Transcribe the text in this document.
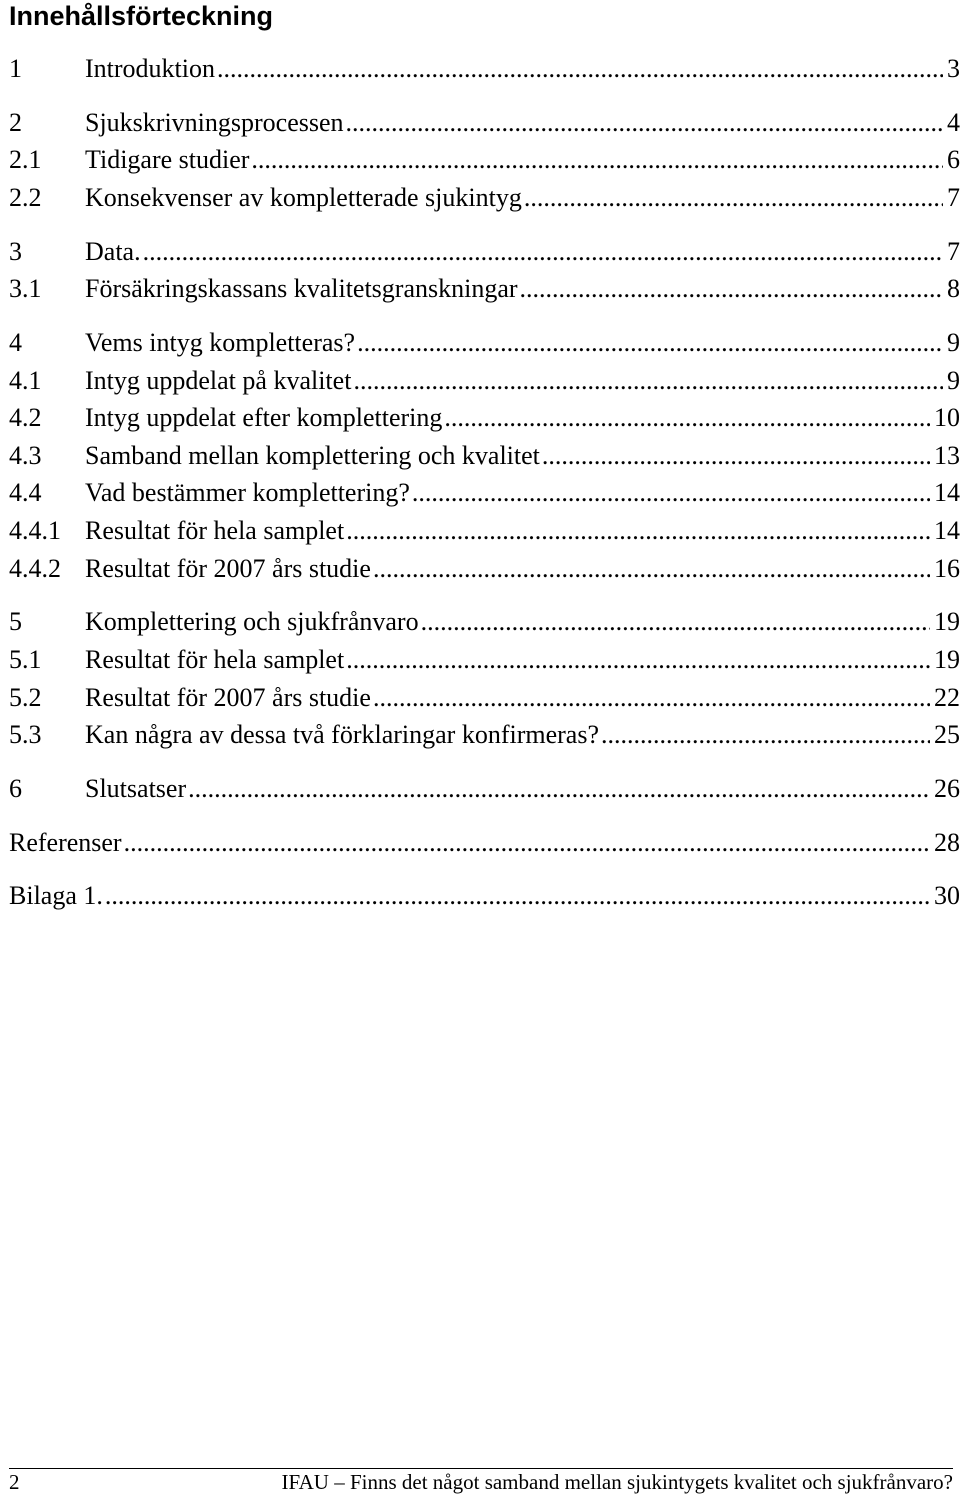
Innehållsförteckning
1	Introduktion .....	3
2	Sjukskrivningsprocessen .....	4
2.1	Tidigare studier .....	6
2.2	Konsekvenser av kompletterade sjukintyg .....	7
3	Data. .....	7
3.1	Försäkringskassans kvalitetsgranskningar .....	8
4	Vems intyg kompletteras? .....	9
4.1	Intyg uppdelat på kvalitet .....	9
4.2	Intyg uppdelat efter komplettering .....	10
4.3	Samband mellan komplettering och kvalitet .....	13
4.4	Vad bestämmer komplettering? .....	14
4.4.1 Resultat för hela samplet .....	14
4.4.2 Resultat för 2007 års studie .....	16
5	Komplettering och sjukfrånvaro .....	19
5.1	Resultat för hela samplet .....	19
5.2	Resultat för 2007 års studie .....	22
5.3	Kan några av dessa två förklaringar konfirmeras? .....	25
6	Slutsatser .....	26
Referenser .....	28
Bilaga 1. .....	30
2	IFAU – Finns det något samband mellan sjukintygets kvalitet och sjukfrånvaro?
